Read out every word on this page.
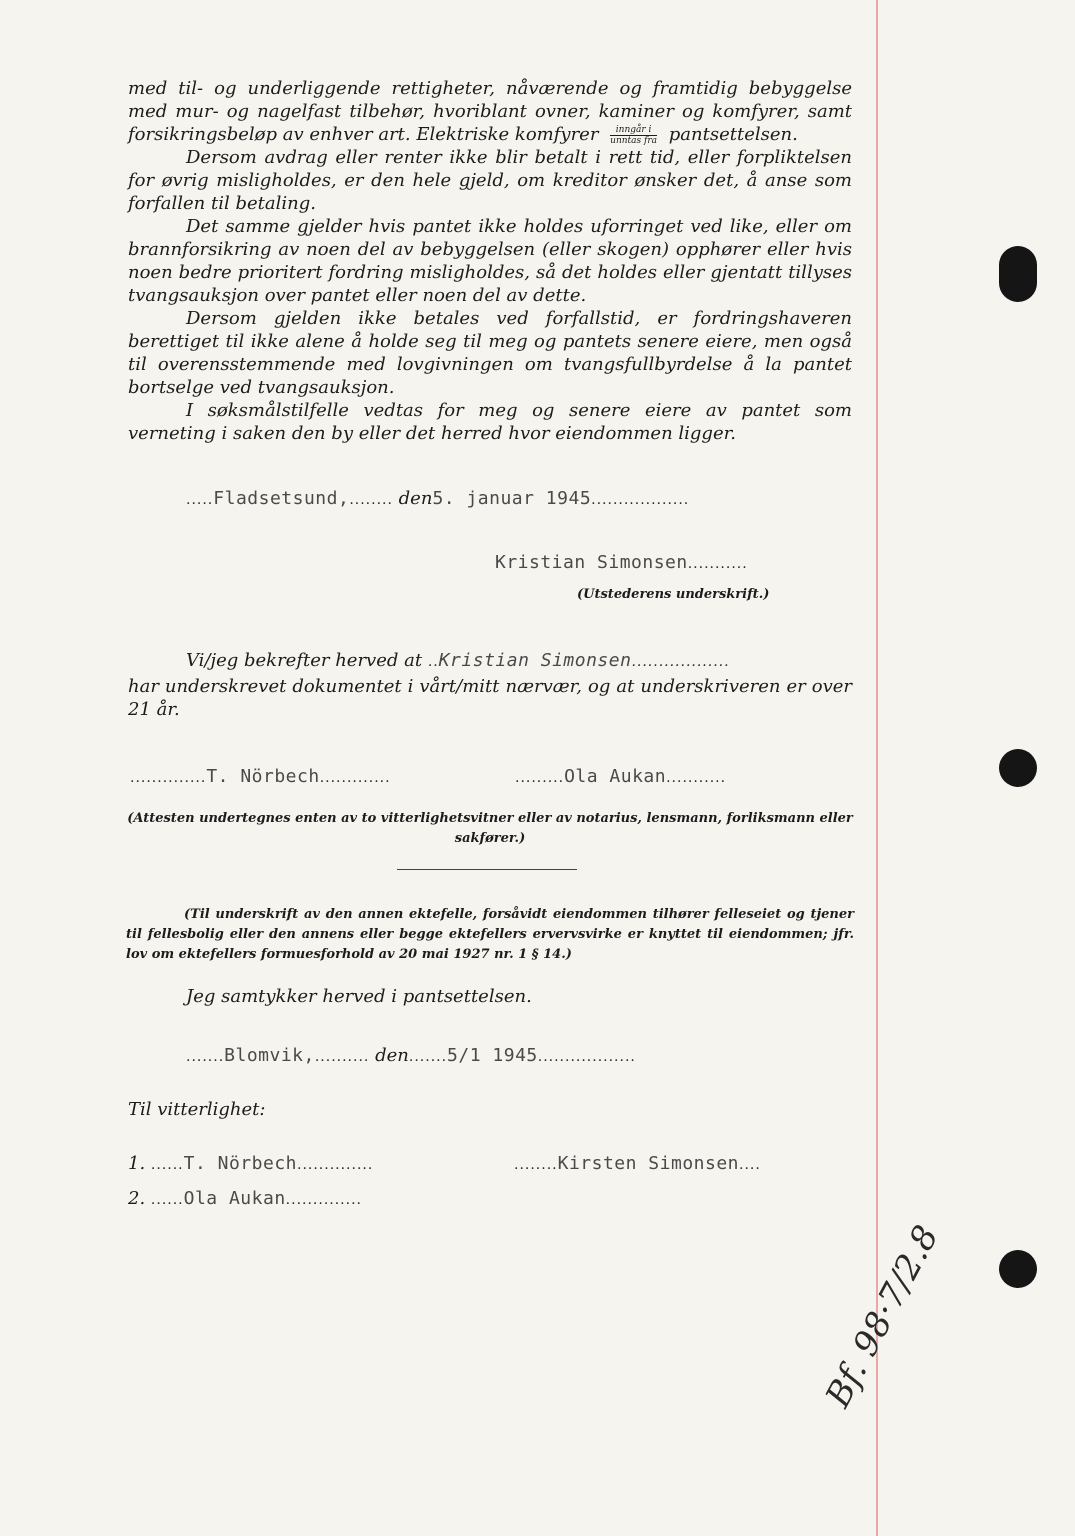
med til- og underliggende rettigheter, nåværende og framtidig bebyggelse med mur- og nagelfast tilbehør, hvoriblant ovner, kaminer og komfyrer, samt forsikringsbeløp av enhver art. Elektriske komfyrer $\frac{\text{inngår i}}{\text{unntas fra}}$ pantsettelsen.

Dersom avdrag eller renter ikke blir betalt i rett tid, eller forpliktelsen for øvrig misligholdes, er den hele gjeld, om kreditor ønsker det, å anse som forfallen til betaling.

Det samme gjelder hvis pantet ikke holdes uforringet ved like, eller om brannforsikring av noen del av bebyggelsen (eller skogen) opphører eller hvis noen bedre prioritert fordring misligholdes, så det holdes eller gjentatt tillyses tvangsauksjon over pantet eller noen del av dette.

Dersom gjelden ikke betales ved forfallstid, er fordringshaveren berettiget til ikke alene å holde seg til meg og pantets senere eiere, men også til overensstemmende med lovgivningen om tvangsfullbyrdelse å la pantet bortselge ved tvangsauksjon.

I søksmålstilfelle vedtas for meg og senere eiere av pantet som verneting i saken den by eller det herred hvor eiendommen ligger.

.....Fladsetsund,........ den5. januar 1945..................
Kristian Simonsen...........
(Utstederens underskrift.)
Vi/jeg bekrefter herved at ..Kristian Simonsen..................

har underskrevet dokumentet i vårt/mitt nærvær, og at underskriveren er over 21 år.

..............T. Nörbech.............	.........Ola Aukan...........
(Attesten undertegnes enten av to vitterlighetsvitner eller av notarius, lensmann, forliksmann eller sakfører.)
(Til underskrift av den annen ektefelle, forsåvidt eiendommen tilhører felleseiet og tjener til fellesbolig eller den annens eller begge ektefellers ervervsvirke er knyttet til eiendommen; jfr. lov om ektefellers formuesforhold av 20 mai 1927 nr. 1 § 14.)
Jeg samtykker herved i pantsettelsen.
.......Blomvik,.......... den.......5/1 1945..................
Til vitterlighet:
1. ......T. Nörbech..............	........Kirsten Simonsen....
2. ......Ola Aukan..............
Bf. 98·7/2.8
